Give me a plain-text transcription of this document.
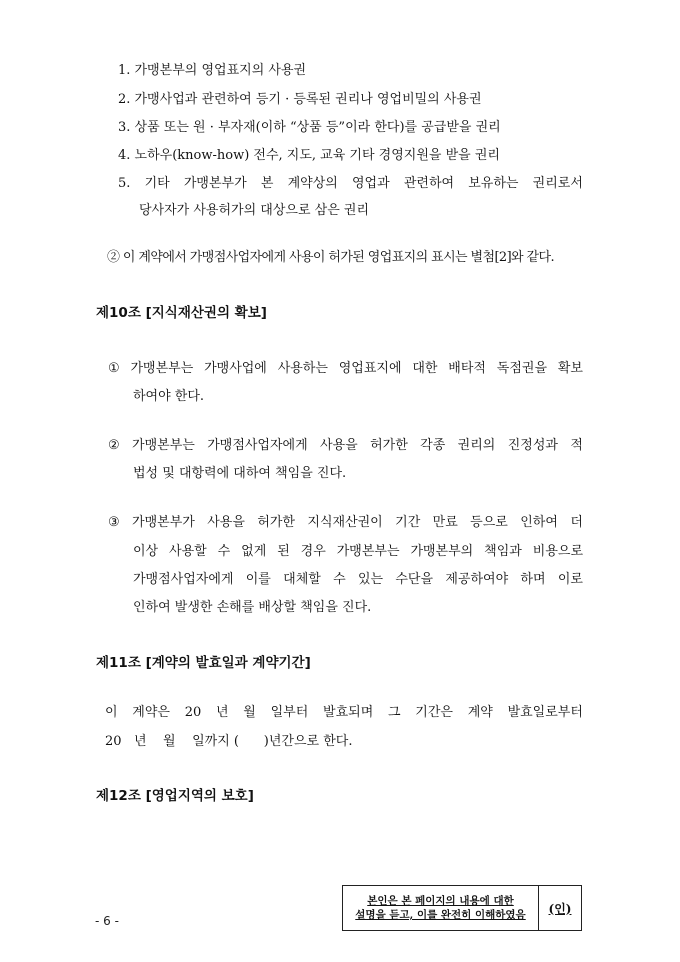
1. 가맹본부의 영업표지의 사용권
2. 가맹사업과 관련하여 등기 · 등록된 권리나 영업비밀의 사용권
3. 상품 또는 원 · 부자재(이하 “상품 등”이라 한다)를 공급받을 권리
4. 노하우(know-how) 전수, 지도, 교육 기타 경영지원을 받을 권리
5. 기타 가맹본부가 본 계약상의 영업과 관련하여 보유하는 권리로서
당사자가 사용허가의 대상으로 삼은 권리
② 이 계약에서 가맹점사업자에게 사용이 허가된 영업표지의 표시는 별첨[2]와 같다.
제10조 [지식재산권의 확보]
① 가맹본부는 가맹사업에 사용하는 영업표지에 대한 배타적 독점권을 확보
하여야 한다.
② 가맹본부는 가맹점사업자에게 사용을 허가한 각종 권리의 진정성과 적
법성 및 대항력에 대하여 책임을 진다.
③ 가맹본부가 사용을 허가한 지식재산권이 기간 만료 등으로 인하여 더
이상 사용할 수 없게 된 경우 가맹본부는 가맹본부의 책임과 비용으로
가맹점사업자에게 이를 대체할 수 있는 수단을 제공하여야 하며 이로
인하여 발생한 손해를 배상할 책임을 진다.
제11조 [계약의 발효일과 계약기간]
이 계약은 20 년 월 일부터 발효되며 그 기간은 계약 발효일로부터
20   년    월    일까지 (      )년간으로 한다.
제12조 [영업지역의 보호]
- 6 -
본인은 본 페이지의 내용에 대한
설명을 듣고, 이를 완전히 이해하였음	(인)
